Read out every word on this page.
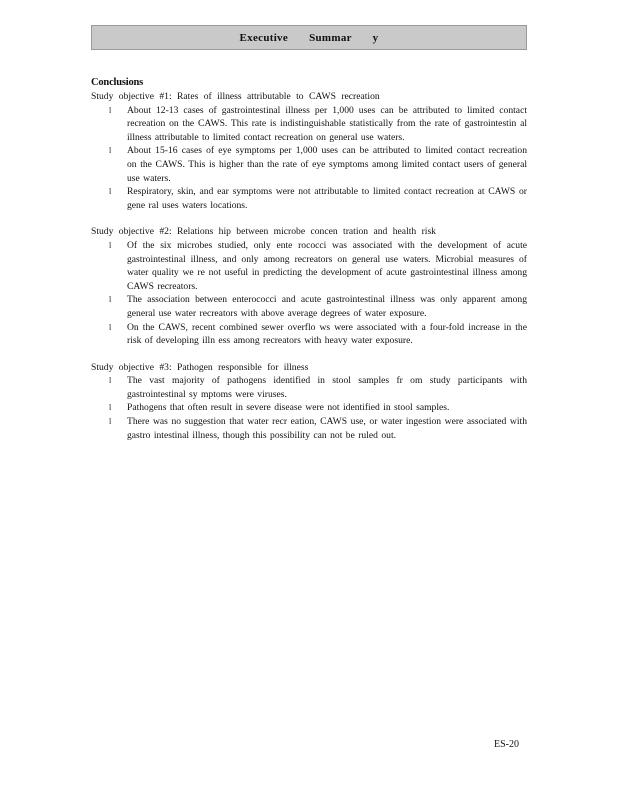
Executive Summar y

Conclusions

Study objective #1: Rates of illness attributable to CAWS recreation

l About 12-13 cases of gastrointestinal illness per 1,000 uses can be attributed to limited contact recreation on the CAWS. This rate is indistinguishable statistically from the rate of gastrointestin al illness attributable to limited contact recreation on general use waters.
l About 15-16 cases of eye symptoms per 1,000 uses can be attributed to limited contact recreation on the CAWS. This is higher than the rate of eye symptoms among limited contact users of general use waters.
l Respiratory, skin, and ear symptoms were not attributable to limited contact recreation at CAWS or gene ral uses waters locations.

Study objective #2: Relations hip between microbe concen tration and health risk

l Of the six microbes studied, only ente rococci was associated with the development of acute gastrointestinal illness, and only among recreators on general use waters. Microbial measures of water quality we re not useful in predicting the development of acute gastrointestinal illness among CAWS recreators.
l The association between enterococci and acute gastrointestinal illness was only apparent among general use water recreators with above average degrees of water exposure.
l On the CAWS, recent combined sewer overflo ws were associated with a four-fold increase in the risk of developing illn ess among recreators with heavy water exposure.

Study objective #3: Pathogen responsible for illness

l The vast majority of pathogens identified in stool samples fr om study participants with gastrointestinal sy mptoms were viruses.
l Pathogens that often result in severe disease were not identified in stool samples.
l There was no suggestion that water recr eation, CAWS use, or water ingestion were associated with gastro intestinal illness, though this possibility can not be ruled out.
ES-20
